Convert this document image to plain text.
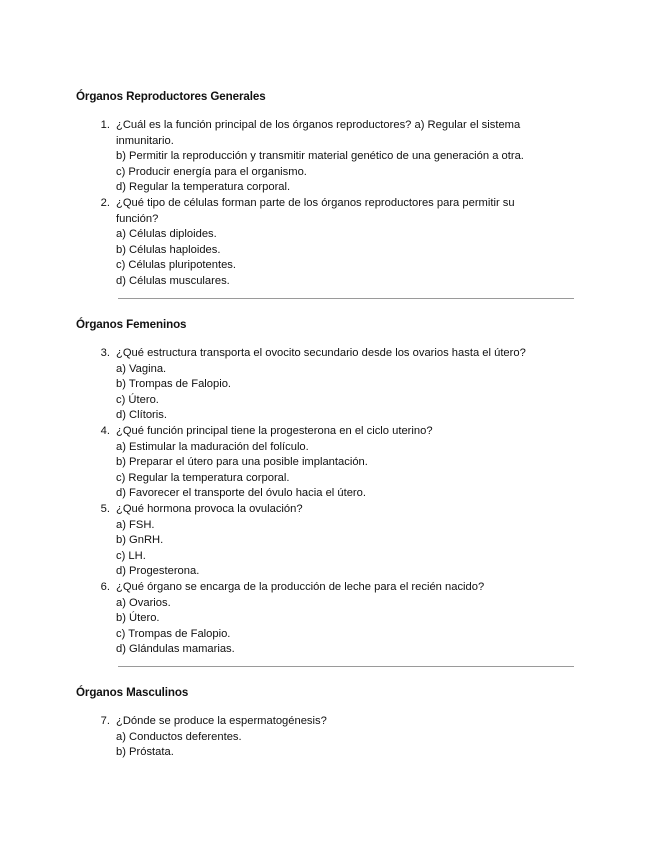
Órganos Reproductores Generales
1. ¿Cuál es la función principal de los órganos reproductores? a) Regular el sistema
inmunitario.
b) Permitir la reproducción y transmitir material genético de una generación a otra.
c) Producir energía para el organismo.
d) Regular la temperatura corporal.
2. ¿Qué tipo de células forman parte de los órganos reproductores para permitir su
función?
a) Células diploides.
b) Células haploides.
c) Células pluripotentes.
d) Células musculares.
Órganos Femeninos
3. ¿Qué estructura transporta el ovocito secundario desde los ovarios hasta el útero?
a) Vagina.
b) Trompas de Falopio.
c) Útero.
d) Clítoris.
4. ¿Qué función principal tiene la progesterona en el ciclo uterino?
a) Estimular la maduración del folículo.
b) Preparar el útero para una posible implantación.
c) Regular la temperatura corporal.
d) Favorecer el transporte del óvulo hacia el útero.
5. ¿Qué hormona provoca la ovulación?
a) FSH.
b) GnRH.
c) LH.
d) Progesterona.
6. ¿Qué órgano se encarga de la producción de leche para el recién nacido?
a) Ovarios.
b) Útero.
c) Trompas de Falopio.
d) Glándulas mamarias.
Órganos Masculinos
7. ¿Dónde se produce la espermatogénesis?
a) Conductos deferentes.
b) Próstata.
